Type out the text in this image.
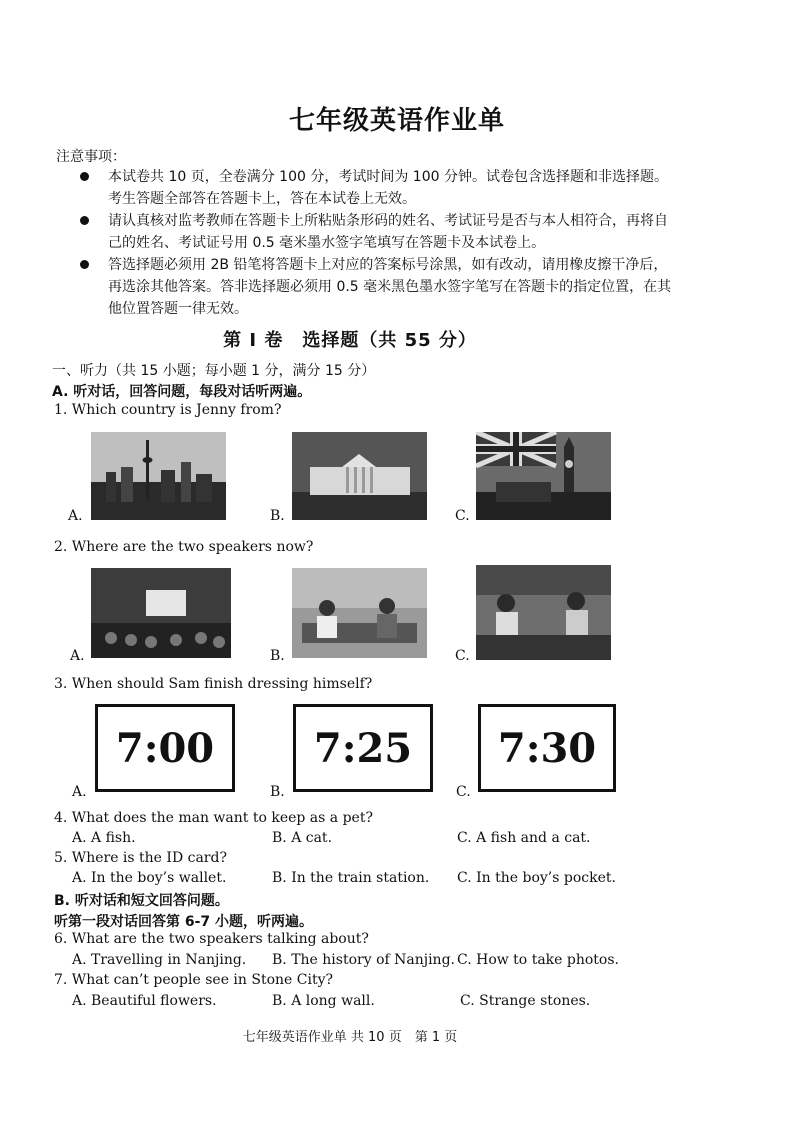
七年级英语作业单
注意事项：
本试卷共 10 页，全卷满分 100 分，考试时间为 100 分钟。试卷包含选择题和非选择题。考生答题全部答在答题卡上，答在本试卷上无效。
请认真核对监考教师在答题卡上所粘贴条形码的姓名、考试证号是否与本人相符合，再将自己的姓名、考试证号用 0.5 毫米墨水签字笔填写在答题卡及本试卷上。
答选择题必须用 2B 铅笔将答题卡上对应的答案标号涂黑，如有改动，请用橡皮擦干净后，再选涂其他答案。答非选择题必须用 0.5 毫米黑色墨水签字笔写在答题卡的指定位置，在其他位置答题一律无效。
第 I 卷　选择题（共 55 分）
一、听力（共 15 小题；每小题 1 分，满分 15 分）
A. 听对话，回答问题，每段对话听两遍。
1. Which country is Jenny from?
A.	B.	C.
2. Where are the two speakers now?
A.	B.	C.
3. When should Sam finish dressing himself?
7:00
A.
7:25
B.
7:30
C.
4. What does the man want to keep as a pet?
A. A fish.	B. A cat.	C. A fish and a cat.
5. Where is the ID card?
A. In the boy’s wallet.	B. In the train station. C. In the boy’s pocket.
B. 听对话和短文回答问题。
听第一段对话回答第 6-7 小题，听两遍。
6. What are the two speakers talking about?
A. Travelling in Nanjing. B. The history of Nanjing. C. How to take photos.
7. What can’t people see in Stone City?
A. Beautiful flowers.	B. A long wall.	C. Strange stones.
七年级英语作业单 共 10 页　第 1 页
